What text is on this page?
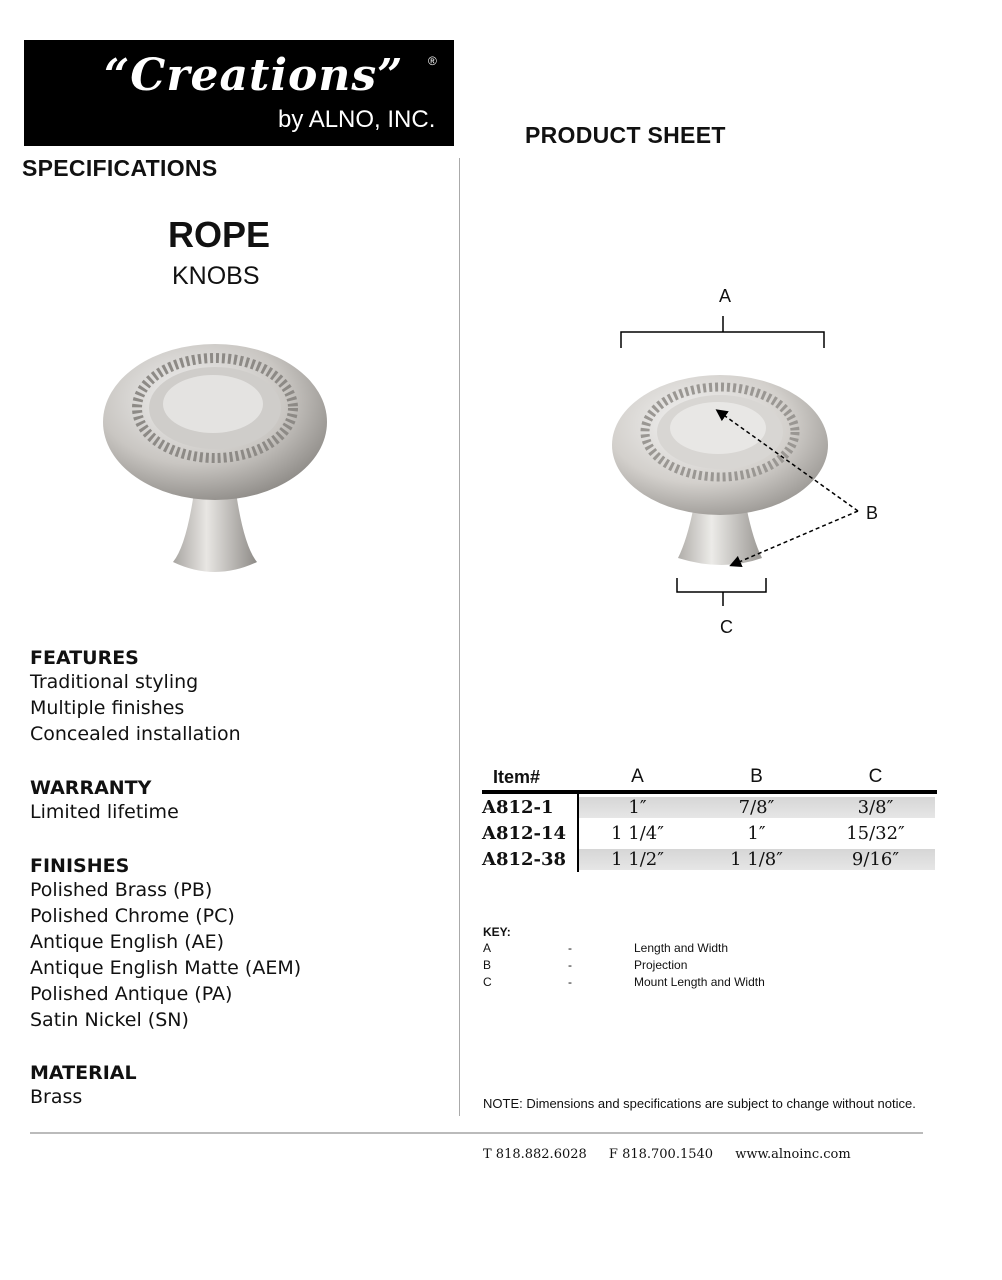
“Creations” ®
by ALNO, INC.
PRODUCT SHEET
SPECIFICATIONS
ROPE
KNOBS
A
B
C
FEATURES
Traditional styling
Multiple finishes
Concealed installation
WARRANTY
Limited lifetime
FINISHES
Polished Brass (PB)
Polished Chrome (PC)
Antique English (AE)
Antique English Matte (AEM)
Polished Antique (PA)
Satin Nickel (SN)
MATERIAL
Brass
Item#	A	B	C
A812-1	1″	7/8″	3/8″
A812-14	1 1/4″	1″	15/32″
A812-38	1 1/2″	1 1/8″	9/16″
KEY:
A	-	Length and Width
B	-	Projection
C	-	Mount Length and Width
NOTE: Dimensions and specifications are subject to change without notice.
T 818.882.6028 F 818.700.1540 www.alnoinc.com
